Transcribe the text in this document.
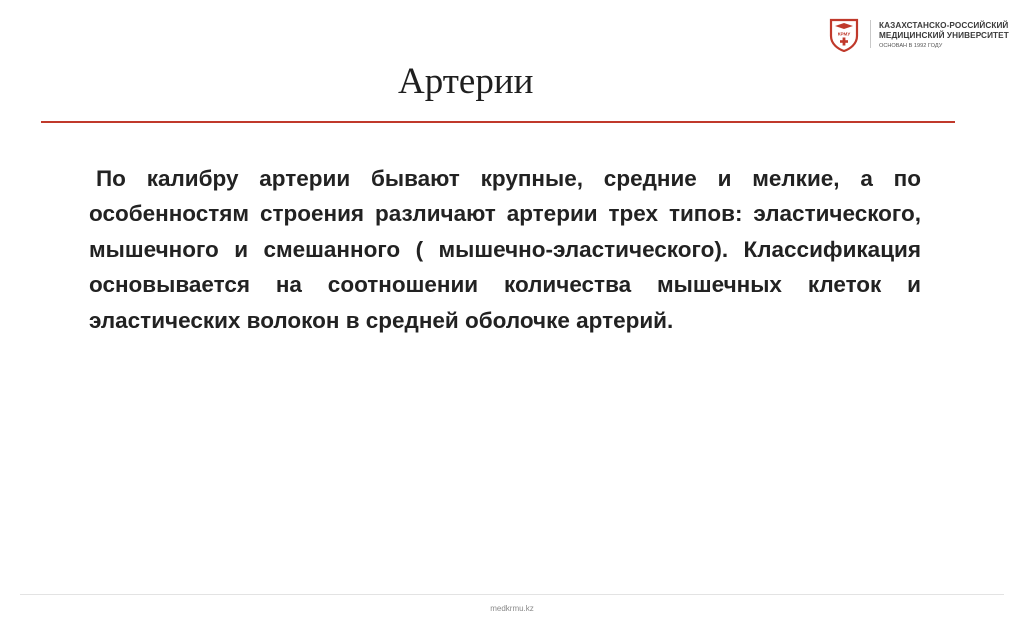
КРМУ
КАЗАХСТАНСКО-РОССИЙСКИЙ
МЕДИЦИНСКИЙ УНИВЕРСИТЕТ
ОСНОВАН В 1992 ГОДУ
Артерии
По калибру артерии бывают крупные, средние и мелкие, а по особенностям строения различают артерии трех типов: эластического, мышечного и смешанного ( мышечно-эластического). Классификация основывается на соотношении количества мышечных клеток и эластических волокон в средней оболочке артерий.
medkrmu.kz
